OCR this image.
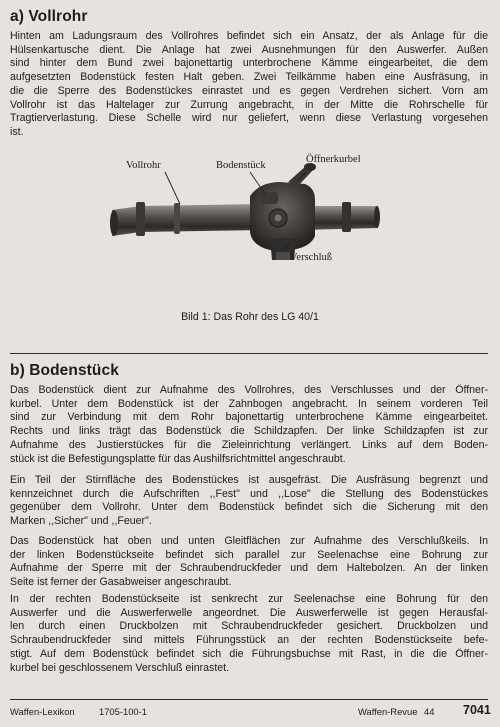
a) Vollrohr
Hinten am Ladungsraum des Vollrohres befindet sich ein Ansatz, der als Anlage für die
Hülsenkartusche dient. Die Anlage hat zwei Ausnehmungen für den Auswerfer. Außen
sind hinter dem Bund zwei bajonettartig unterbrochene Kämme eingearbeitet, die dem
aufgesetzten Bodenstück festen Halt geben. Zwei Teilkämme haben eine Ausfräsung, in
die die Sperre des Bodenstückes einrastet und es gegen Verdrehen sichert. Vorn am
Vollrohr ist das Haltelager zur Zurrung angebracht, in der Mitte die Rohrschelle für
Tragtierverlastung. Diese Schelle wird nur geliefert, wenn diese Verlastung vorgesehen
ist.
Vollrohr	Bodenstück
Öffnerkurbel
Verschluß
Bild 1: Das Rohr des LG 40/1
b) Bodenstück
Das Bodenstück dient zur Aufnahme des Vollrohres, des Verschlusses und der Öffner-
kurbel. Unter dem Bodenstück ist der Zahnbogen angebracht. In seinem vorderen Teil
sind zur Verbindung mit dem Rohr bajonettartig unterbrochene Kämme eingearbeitet.
Rechts und links trägt das Bodenstück die Schildzapfen. Der linke Schildzapfen ist zur
Aufnahme des Justierstückes für die Zieleinrichtung verlängert. Links auf dem Boden-
stück ist die Befestigungsplatte für das Aushilfsrichtmittel angeschraubt.
Ein Teil der Stirnfläche des Bodenstückes ist ausgefräst. Die Ausfräsung begrenzt und
kennzeichnet durch die Aufschriften ,,Fest" und ,,Lose" die Stellung des Bodenstückes
gegenüber dem Vollrohr. Unter dem Bodenstück befindet sich die Sicherung mit den
Marken ,,Sicher" und ,,Feuer".
Das Bodenstück hat oben und unten Gleitflächen zur Aufnahme des Verschlußkeils. In
der linken Bodenstückseite befindet sich parallel zur Seelenachse eine Bohrung zur
Aufnahme der Sperre mit der Schraubendruckfeder und dem Haltebolzen. An der linken
Seite ist ferner der Gasabweiser angeschraubt.
In der rechten Bodenstückseite ist senkrecht zur Seelenachse eine Bohrung für den
Auswerfer und die Auswerferwelle angeordnet. Die Auswerferwelle ist gegen Herausfal-
len durch einen Druckbolzen mit Schraubendruckfeder gesichert. Druckbolzen und
Schraubendruckfeder sind mittels Führungsstück an der rechten Bodenstückseite befe-
stigt. Auf dem Bodenstück befindet sich die Führungsbuchse mit Rast, in die die Öffner-
kurbel bei geschlossenem Verschluß einrastet.
Waffen-Lexikon	1705-100-1	Waffen-Revue 44 7041
